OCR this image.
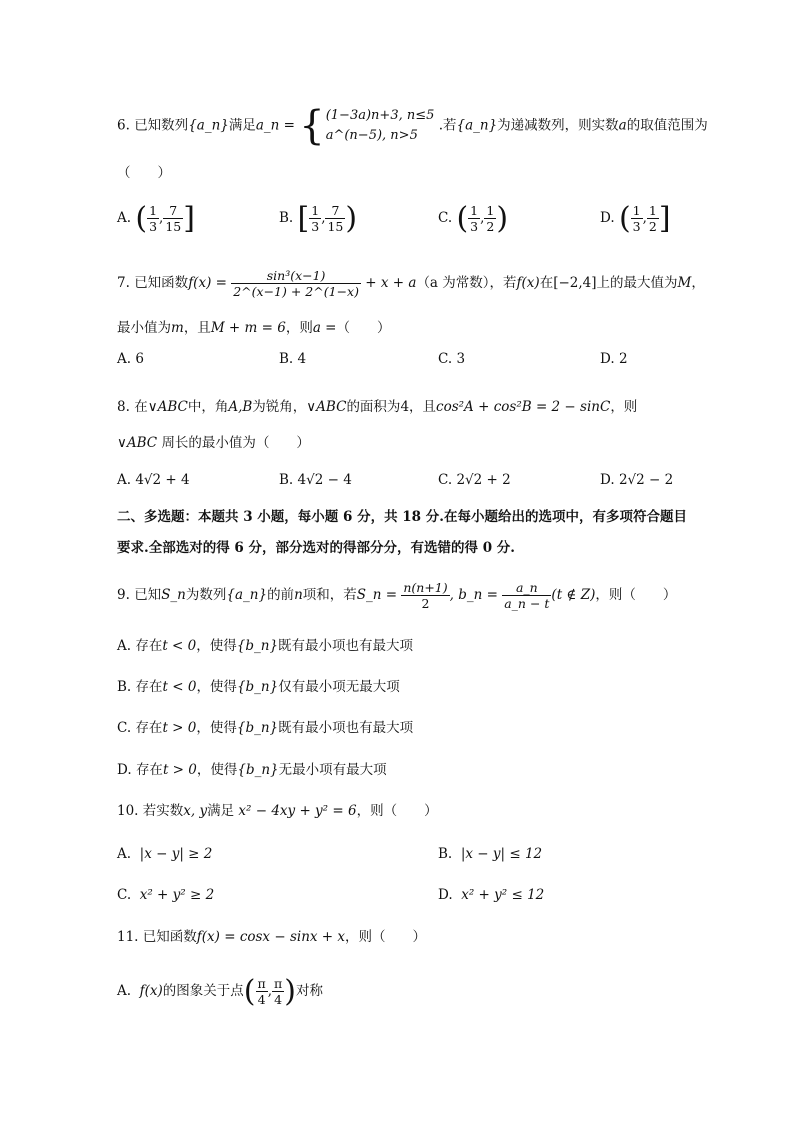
6. 已知数列{a_n}满足a_n = {(1−3a)n+3, n≤5
a^(n−5), n>5 .若{a_n}为递减数列，则实数a的取值范围为
（　　）
A. ( $\frac{1}{3}$ , $\frac{7}{15}$ ]	B. [ $\frac{1}{3}$ , $\frac{7}{15}$ )	C. ( $\frac{1}{3}$ , $\frac{1}{2}$ )	D. ( $\frac{1}{3}$ , $\frac{1}{2}$ ]
7. 已知函数$f(x) = \frac{\text{sin³(x−1)}}{2\^{}(x-1) + 2\^{}(1-x)} + x + a(a$ 为常数），若f(x)在[−2,4]上的最大值为M，
最小值为m，且M + m = 6，则a =（　　）
A. 6	B. 4	C. 3	D. 2
8. 在∨ABC中，角A,B为锐角，∨ABC的面积为4，且cos²A + cos²B = 2 − sinC，则
∨ABC 周长的最小值为（　　）
A. 4√2 + 4	B. 4√2 − 4	C. 2√2 + 2	D. 2√2 − 2
二、多选题：本题共 3 小题，每小题 6 分，共 18 分.在每小题给出的选项中，有多项符合题目
要求.全部选对的得 6 分，部分选对的得部分分，有选错的得 0 分.
9. 已知S_n为数列{a_n}的前n项和，若S_n = $\frac{n(n+1)}{2}$ , b_n = $\frac{a\_n}{a\_n - t} (t$ ∉ Z)，则（　　）
A. 存在t < 0，使得{b_n}既有最小项也有最大项
B. 存在t < 0，使得{b_n}仅有最小项无最大项
C. 存在t > 0，使得{b_n}既有最小项也有最大项
D. 存在t > 0，使得{b_n}无最小项有最大项
10. 若实数x, y满足 x² − 4xy + y² = 6，则（　　）
A. |x − y| ≥ 2	B. |x − y| ≤ 12
C. x² + y² ≥ 2	D. x² + y² ≤ 12
11. 已知函数f(x) = cosx − sinx + x，则（　　）
A. f(x)的图象关于点( $\frac{\pi}{4}$ , $\frac{\pi}{4}$ )对称
